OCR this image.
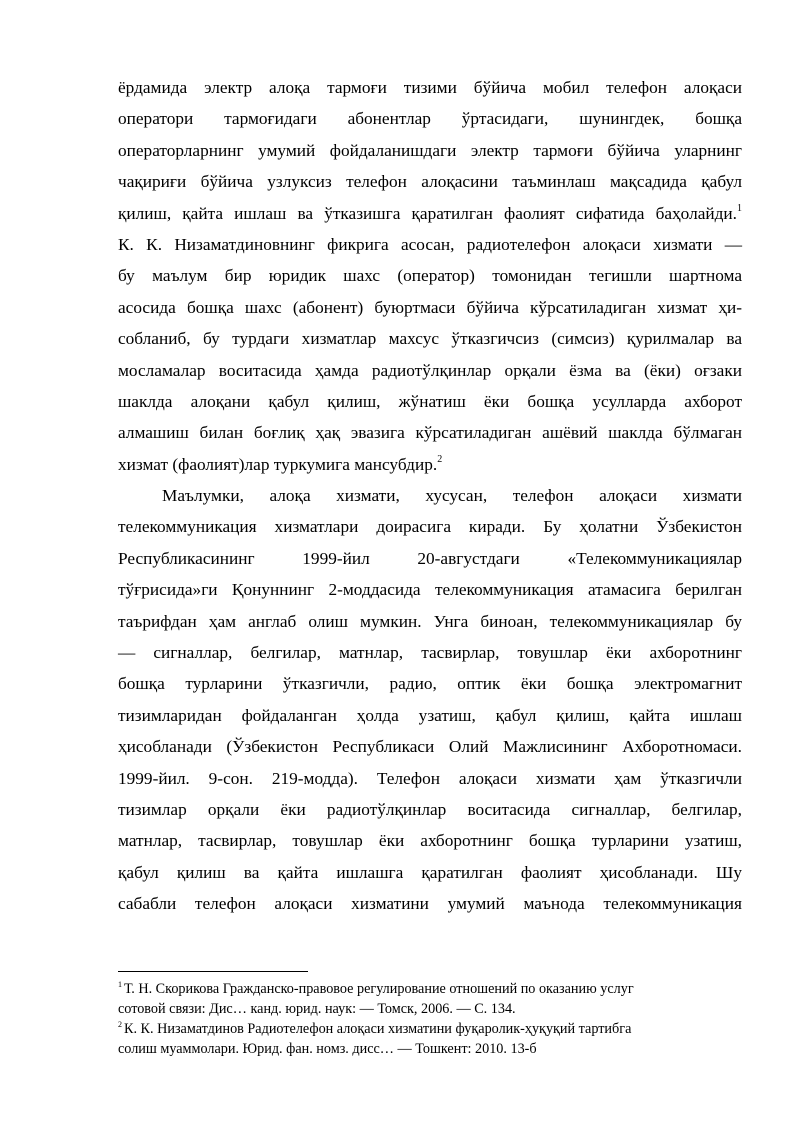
ёрдамида электр алоқа тармоғи тизими бўйича мобил телефон алоқаси
оператори тармоғидаги абонентлар ўртасидаги, шунингдек, бошқа
операторларнинг умумий фойдаланишдаги электр тармоғи бўйича уларнинг
чақириғи бўйича узлуксиз телефон алоқасини таъминлаш мақсадида қабул
қилиш, қайта ишлаш ва ўтказишга қаратилган фаолият сифатида баҳолайди.$^1$
К. К. Низаматдиновнинг фикрига асосан, радиотелефон алоқаси хизмати —
бу маълум бир юридик шахс (оператор) томонидан тегишли шартнома
асосида бошқа шахс (абонент) буюртмаси бўйича кўрсатиладиган хизмат ҳи-
собланиб, бу турдаги хизматлар махсус ўтказгичсиз (симсиз) қурилмалар ва
мосламалар воситасида ҳамда радиотўлқинлар орқали ёзма ва (ёки) оғзаки
шаклда алоқани қабул қилиш, жўнатиш ёки бошқа усулларда ахборот
алмашиш билан боғлиқ ҳақ эвазига кўрсатиладиган ашёвий шаклда бўлмаган
хизмат (фаолият)лар туркумига мансубдир.$^2$
Маълумки, алоқа хизмати, хусусан, телефон алоқаси хизмати
телекоммуникация хизматлари доирасига киради. Бу ҳолатни Ўзбекистон
Республикасининг 1999-йил 20-августдаги «Телекоммуникациялар
тўғрисида»ги Қонуннинг 2-моддасида телекоммуникация атамасига берилган
таърифдан ҳам англаб олиш мумкин. Унга биноан, телекоммуникациялар бу
— сигналлар, белгилар, матнлар, тасвирлар, товушлар ёки ахборотнинг
бошқа турларини ўтказгичли, радио, оптик ёки бошқа электромагнит
тизимларидан фойдаланган ҳолда узатиш, қабул қилиш, қайта ишлаш
ҳисобланади (Ўзбекистон Республикаси Олий Мажлисининг Ахборотномаси.
1999-йил. 9-сон. 219-модда). Телефон алоқаси хизмати ҳам ўтказгичли
тизимлар орқали ёки радиотўлқинлар воситасида сигналлар, белгилар,
матнлар, тасвирлар, товушлар ёки ахборотнинг бошқа турларини узатиш,
қабул қилиш ва қайта ишлашга қаратилган фаолият ҳисобланади. Шу
сабабли телефон алоқаси хизматини умумий маънода телекоммуникация
$^1$ Т. Н. Скорикова Гражданско-правовое регулирование отношений по оказанию услуг
сотовой связи: Дис… канд. юрид. наук: — Томск, 2006. — С. 134.
$^2$ К. К. Низаматдинов Радиотелефон алоқаси хизматини фуқаролик-ҳуқуқий тартибга
солиш муаммолари. Юрид. фан. номз. дисс… — Тошкент: 2010. 13-б
